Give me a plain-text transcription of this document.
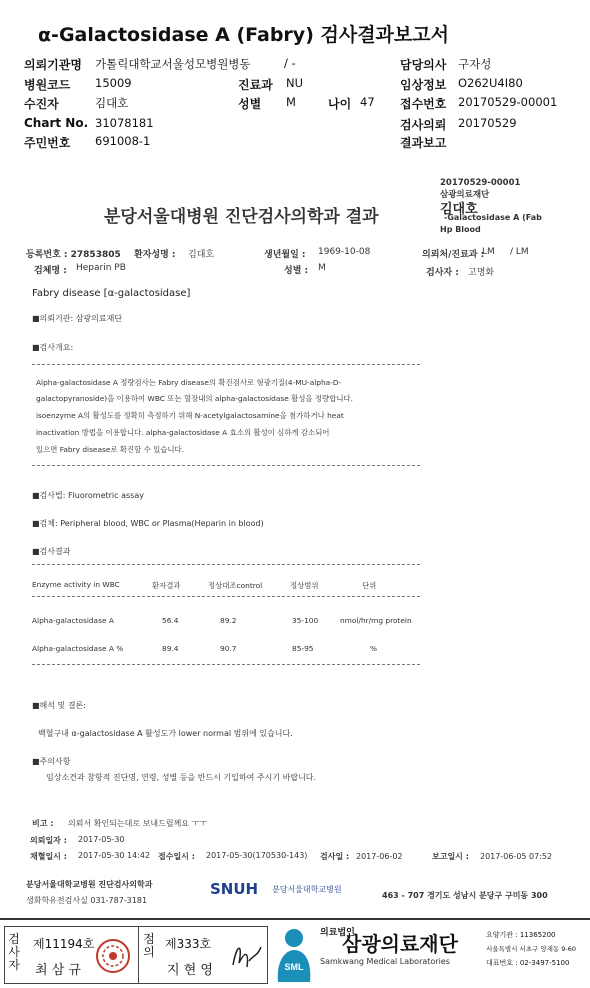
α-Galactosidase A (Fabry) 검사결과보고서
의뢰기관명 가톨릭대학교서울성모병원병동	/ -
병원코드 15009
수진자	김대호
Chart No. 31078181
주민번호 691008-1
진료과 NU
성별 M	나이 47
담당의사 구자성
임상정보 O262U4I80
접수번호 20170529-00001
검사의뢰 20170529
결과보고
20170529-00001
삼광의료재단
김대호
-Galactosidase A (Fab
Hp Blood
분당서울대병원 진단검사의학과 결과
등록번호 : 27853805 환자성명 : 김대호	생년월일 : 1969-10-08	의뢰처/진료과 :
LM / LM
검체명 : Heparin PB	성별 : M	검사자 : 고명화
Fabry disease [α-galactosidase]
■의뢰기관: 삼광의료재단
■검사개요:
Alpha-galactosidase A 정량검사는 Fabry disease의 확진검사로 형광기질(4-MU-alpha-D-
galactopyranoside)을 이용하여 WBC 또는 혈장내의 alpha-galactosidase 활성을 정량합니다.
isoenzyme A의 활성도를 정확히 측정하기 위해 N-acetylgalactosamine을 첨가하거나 heat
inactivation 방법을 이용합니다. alpha-galactosidase A 효소의 활성이 심하게 감소되어
있으면 Fabry disease로 확진할 수 있습니다.
■검사법: Fluorometric assay
■검체: Peripheral blood, WBC or Plasma(Heparin in blood)
■검사결과
Enzyme activity in WBC	환자결과	정상대조control	정상범위	단위
Alpha-galactosidase A	56.4	89.2	35-100	nmol/hr/mg protein
Alpha-galactosidase A %	89.4	90.7	85-95	%
■해석 및 결론:
백혈구내 α-galactosidase A 활성도가 lower normal 범위에 있습니다.
■주의사항
임상소견과 참항적 진단명, 연령, 성별 등을 반드시 기입하여 주시기 바랍니다.
비고 : 의뢰서 확인되는대로 보내드릴께요 ㅜㅜ
의뢰일자 : 2017-05-30
채혈일시 : 2017-05-30 14:42 접수일시 : 2017-05-30(170530-143) 검사일 : 2017-06-02	보고일시 : 2017-06-05 07:52
분당서울대학교병원 진단검사의학과
생화학유전검사실 031-787-3181
SNUH 분당서울대학교병원
463 - 707 경기도 성남시 분당구 구미동 300
검
사
자
제11194호
최 삼 규
점
의
제333호
지 현 영	SML
의료법인
삼광의료재단
Samkwang Medical Laboratories
요양기관 : 11365200
서울특별시 서초구 양재동 9-60
대표번호 : 02-3497-5100
